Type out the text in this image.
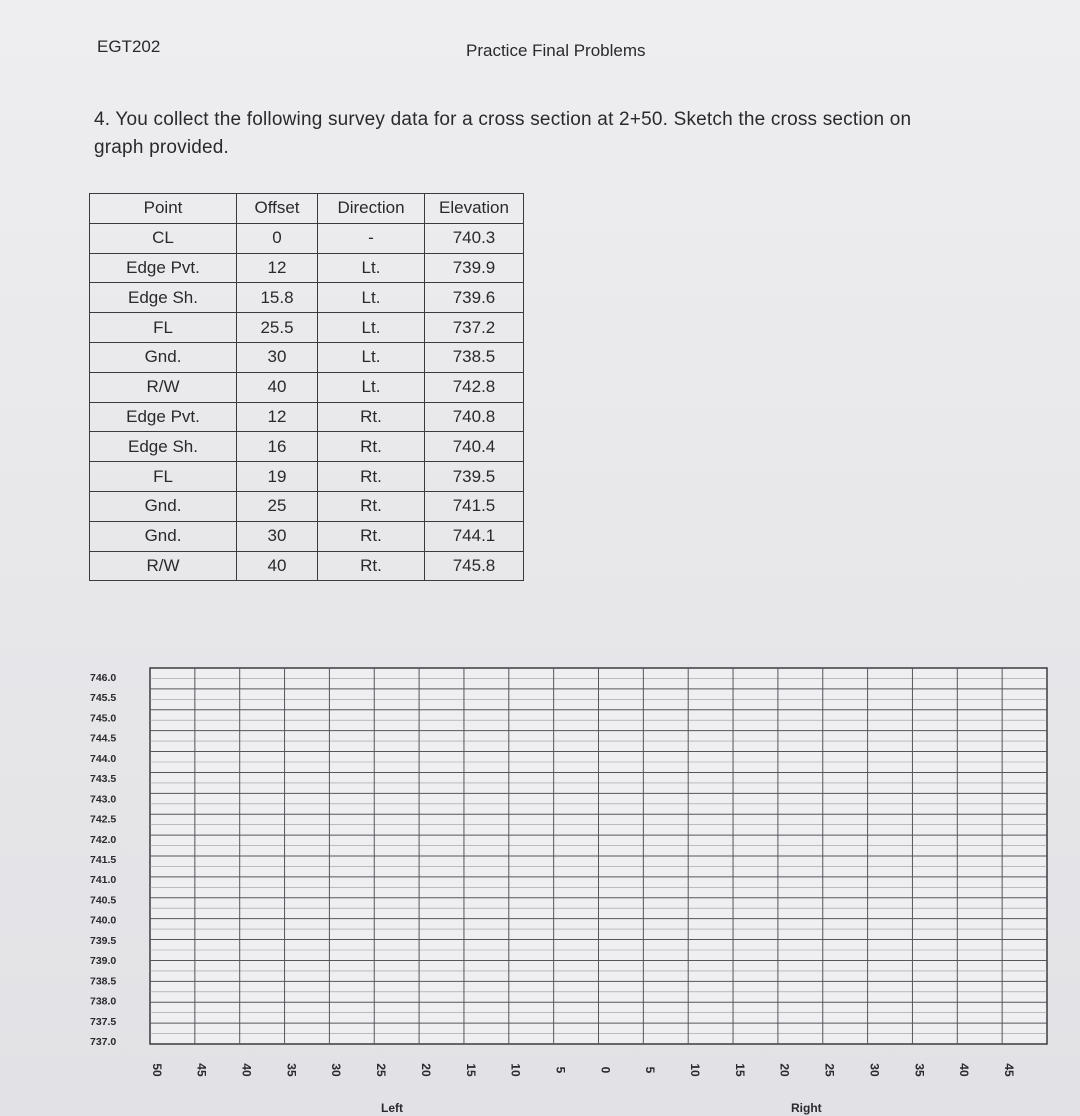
EGT202	Practice Final Problems
4. You collect the following survey data for a cross section at 2+50. Sketch the cross section on
graph provided.
Point	Offset	Direction	Elevation
CL	0	-	740.3
Edge Pvt.	12	Lt.	739.9
Edge Sh.	15.8	Lt.	739.6
FL	25.5	Lt.	737.2
Gnd.	30	Lt.	738.5
R/W	40	Lt.	742.8
Edge Pvt.	12	Rt.	740.8
Edge Sh.	16	Rt.	740.4
FL	19	Rt.	739.5
Gnd.	25	Rt.	741.5
Gnd.	30	Rt.	744.1
R/W	40	Rt.	745.8
746.0
745.5
745.0
744.5
744.0
743.5
743.0
742.5
742.0
741.5
741.0
740.5
740.0
739.5
739.0
738.5
738.0
737.5
737.0
50	45	40	35	30	25	20	15	10	5	0	5	10	15	20	25	30	35	40	45
Left	Right
